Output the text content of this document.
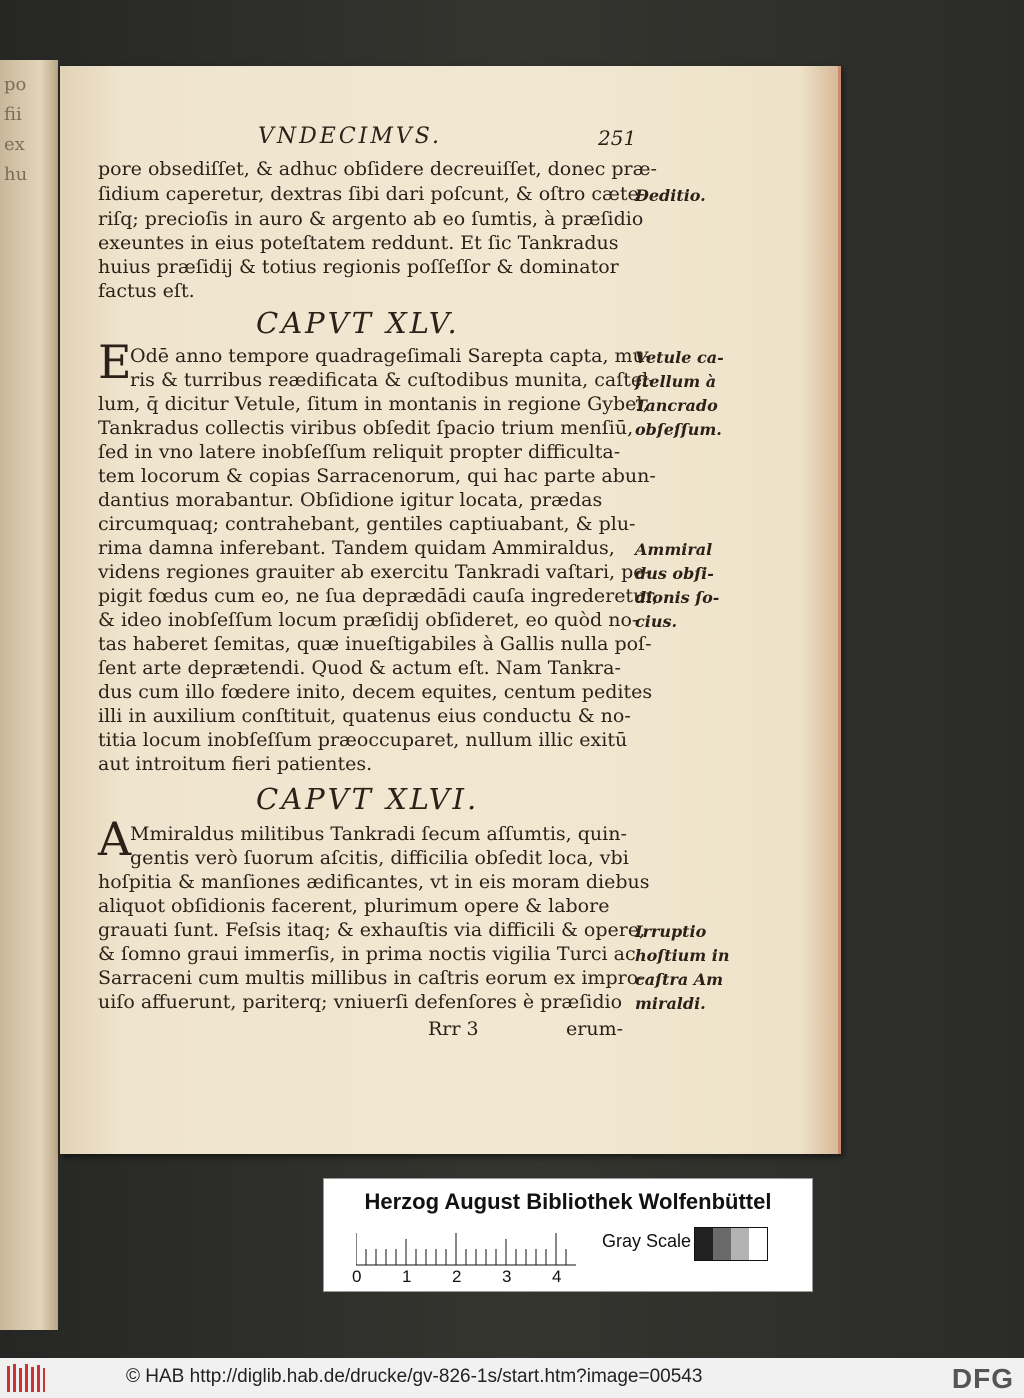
po
fii
ex
hu
VNDECIMVS.	251
pore obsediſſet, & adhuc obſidere decreuiſſet, donec præ-
ſidium caperetur, dextras ſibi dari poſcunt, & oſtro cæte-
riſq; precioſis in auro & argento ab eo ſumtis, à præſidio
exeuntes in eius poteſtatem reddunt. Et ſic Tankradus
huius præſidij & totius regionis poſſeſſor & dominator
factus eſt.
Deditio.
CAPVT XLV.
E
Odē anno tempore quadrageſimali Sarepta capta, mu-
ris & turribus reædificata & cuſtodibus munita, caſtel-
lum, q̄ dicitur Vetule, ſitum in montanis in regione Gybel,
Tankradus collectis viribus obſedit ſpacio trium menſiū,
ſed in vno latere inobſeſſum reliquit propter difficulta-
tem locorum & copias Sarracenorum, qui hac parte abun-
dantius morabantur. Obſidione igitur locata, prædas
circumquaq; contrahebant, gentiles captiuabant, & plu-
rima damna inferebant. Tandem quidam Ammiraldus,
videns regiones grauiter ab exercitu Tankradi vaſtari, pe-
pigit fœdus cum eo, ne ſua deprædādi cauſa ingrederetur,
& ideo inobſeſſum locum præſidij obſideret, eo quòd no-
tas haberet ſemitas, quæ inueſtigabiles à Gallis nulla poſ-
ſent arte deprætendi. Quod & actum eſt. Nam Tankra-
dus cum illo fœdere inito, decem equites, centum pedites
illi in auxilium conſtituit, quatenus eius conductu & no-
titia locum inobſeſſum præoccuparet, nullum illic exitū
aut introitum fieri patientes.
Vetule ca-
ſtellum à
Tancrado
obſeſſum.
Ammiral
dus obſi-
dionis ſo-
cius.
CAPVT XLVI.
A
Mmiraldus militibus Tankradi ſecum aſſumtis, quin-
gentis verò ſuorum aſcitis, difficilia obſedit loca, vbi
hoſpitia & manſiones ædificantes, vt in eis moram diebus
aliquot obſidionis facerent, plurimum opere & labore
grauati ſunt. Feſsis itaq; & exhauſtis via difficili & opere,
& ſomno graui immerſis, in prima noctis vigilia Turci ac
Sarraceni cum multis millibus in caſtris eorum ex impro-
uiſo affuerunt, pariterq; vniuerſi defenſores è præſidio
Irruptio
hoſtium in
caſtra Am
miraldi.
Rrr 3	erum-
Herzog August Bibliothek Wolfenbüttel
0 1 2 3 4
Gray Scale
© HAB http://diglib.hab.de/drucke/gv-826-1s/start.htm?image=00543	DFG
